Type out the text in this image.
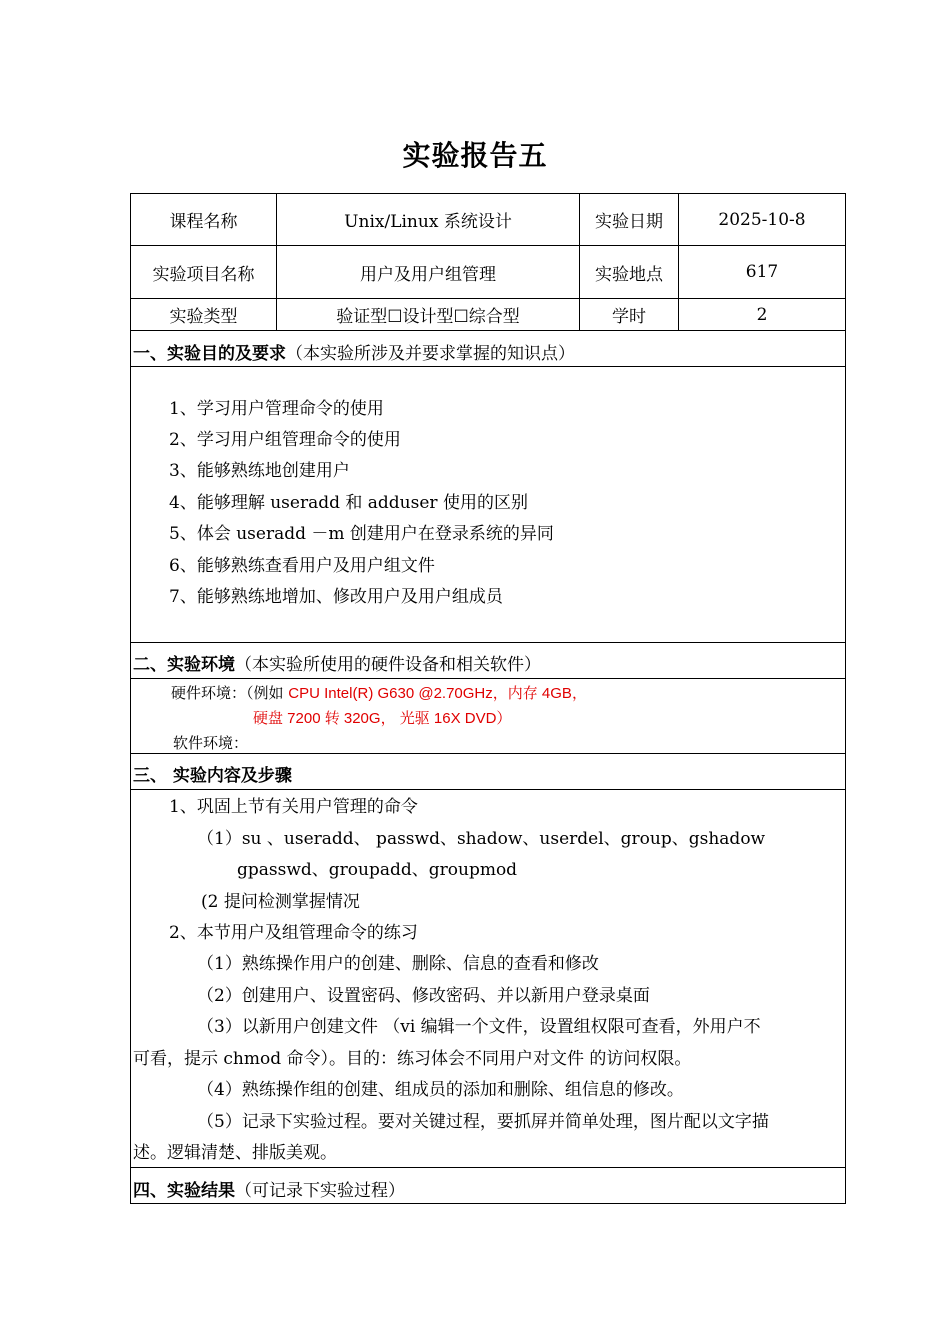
实验报告五
课程名称	Unix/Linux 系统设计	实验日期	2025-10-8
实验项目名称	用户及用户组管理	实验地点	617
实验类型	验证型☐设计型☐综合型	学时	2
一、实验目的及要求（本实验所涉及并要求掌握的知识点）
1、学习用户管理命令的使用
2、学习用户组管理命令的使用
3、能够熟练地创建用户
4、能够理解 useradd 和 adduser 使用的区别
5、体会 useradd －m 创建用户在登录系统的异同
6、能够熟练查看用户及用户组文件
7、能够熟练地增加、修改用户及用户组成员
二、实验环境（本实验所使用的硬件设备和相关软件）
硬件环境：（例如 CPU Intel(R) G630 @2.70GHz，内存 4GB，
硬盘 7200 转 320G， 光驱 16X DVD）
软件环境：
三、 实验内容及步骤
1、巩固上节有关用户管理的命令
（1）su 、useradd、 passwd、shadow、userdel、group、gshadow
gpasswd、groupadd、groupmod
(2 提问检测掌握情况
2、本节用户及组管理命令的练习
（1）熟练操作用户的创建、删除、信息的查看和修改
（2）创建用户、设置密码、修改密码、并以新用户登录桌面
（3）以新用户创建文件 （vi 编辑一个文件，设置组权限可查看，外用户不
可看，提示 chmod 命令）。目的：练习体会不同用户对文件 的访问权限。
（4）熟练操作组的创建、组成员的添加和删除、组信息的修改。
（5）记录下实验过程。要对关键过程，要抓屏并简单处理，图片配以文字描
述。逻辑清楚、排版美观。
四、实验结果（可记录下实验过程）
